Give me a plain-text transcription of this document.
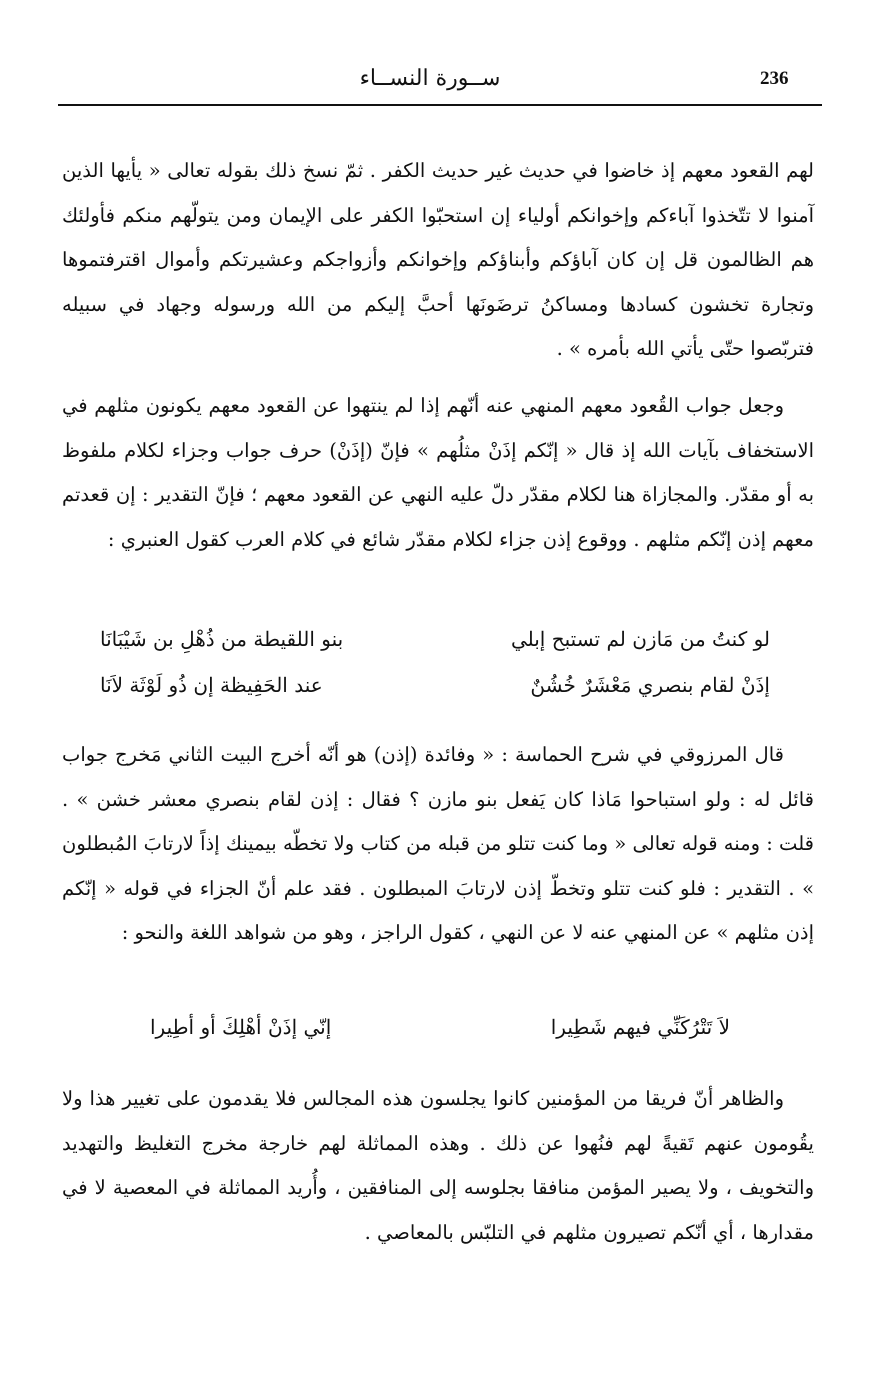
236
ســورة النســاء

لهم القعود معهم إذ خاضوا في حديث غير حديث الكفر . ثمّ نسخ ذلك بقوله تعالى « يأيها الذين آمنوا لا تتّخذوا آباءكم وإخوانكم أولياء إن استحبّوا الكفر على الإيمان ومن يتولّهم منكم فأولئك هم الظالمون قل إن كان آباؤكم وأبناؤكم وإخوانكم وأزواجكم وعشيرتكم وأموال اقترفتموها وتجارة تخشون كسادها ومساكنُ ترضَونَها أحبَّ إليكم من الله ورسوله وجهاد في سبيله فتربّصوا حتّى يأتي الله بأمره » .

وجعل جواب القُعود معهم المنهي عنه أنّهم إذا لم ينتهوا عن القعود معهم يكونون مثلهم في الاستخفاف بآيات الله إذ قال « إنّكم إذَنْ مثلُهم » فإنّ (إذَنْ) حرف جواب وجزاء لكلام ملفوظ به أو مقدّر. والمجازاة هنا لكلام مقدّر دلّ عليه النهي عن القعود معهم ؛ فإنّ التقدير : إن قعدتم معهم إذن إنّكم مثلهم . ووقوع إذن جزاء لكلام مقدّر شائع في كلام العرب كقول العنبري :

لو كنتُ من مَازن لم تستبح إبلي
بنو اللقيطة من ذُهْلِ بن شَيْبَانَا
إذَنْ لقام بنصري مَعْشَرٌ خُشُنٌ
عند الحَفِيظة إن ذُو لَوْثَة لاَنَا

قال المرزوقي في شرح الحماسة : « وفائدة (إذن) هو أنّه أخرج البيت الثاني مَخرج جواب قائل له : ولو استباحوا مَاذا كان يَفعل بنو مازن ؟ فقال : إذن لقام بنصري معشر خشن » . قلت : ومنه قوله تعالى « وما كنت تتلو من قبله من كتاب ولا تخطّه بيمينك إذاً لارتابَ المُبطلون » . التقدير : فلو كنت تتلو وتخطّ إذن لارتابَ المبطلون . فقد علم أنّ الجزاء في قوله « إنّكم إذن مثلهم » عن المنهي عنه لا عن النهي ، كقول الراجز ، وهو من شواهد اللغة والنحو :

لاَ تَتْرُكَنِّي فيهم شَطِيرا
إنّي إذَنْ أهْلِكَ أو أطِيرا

والظاهر أنّ فريقا من المؤمنين كانوا يجلسون هذه المجالس فلا يقدمون على تغيير هذا ولا يقُومون عنهم تَقيةً لهم فنُهوا عن ذلك . وهذه المماثلة لهم خارجة مخرج التغليظ والتهديد والتخويف ، ولا يصير المؤمن منافقا بجلوسه إلى المنافقين ، وأُريد المماثلة في المعصية لا في مقدارها ، أي أنّكم تصيرون مثلهم في التلبّس بالمعاصي .
